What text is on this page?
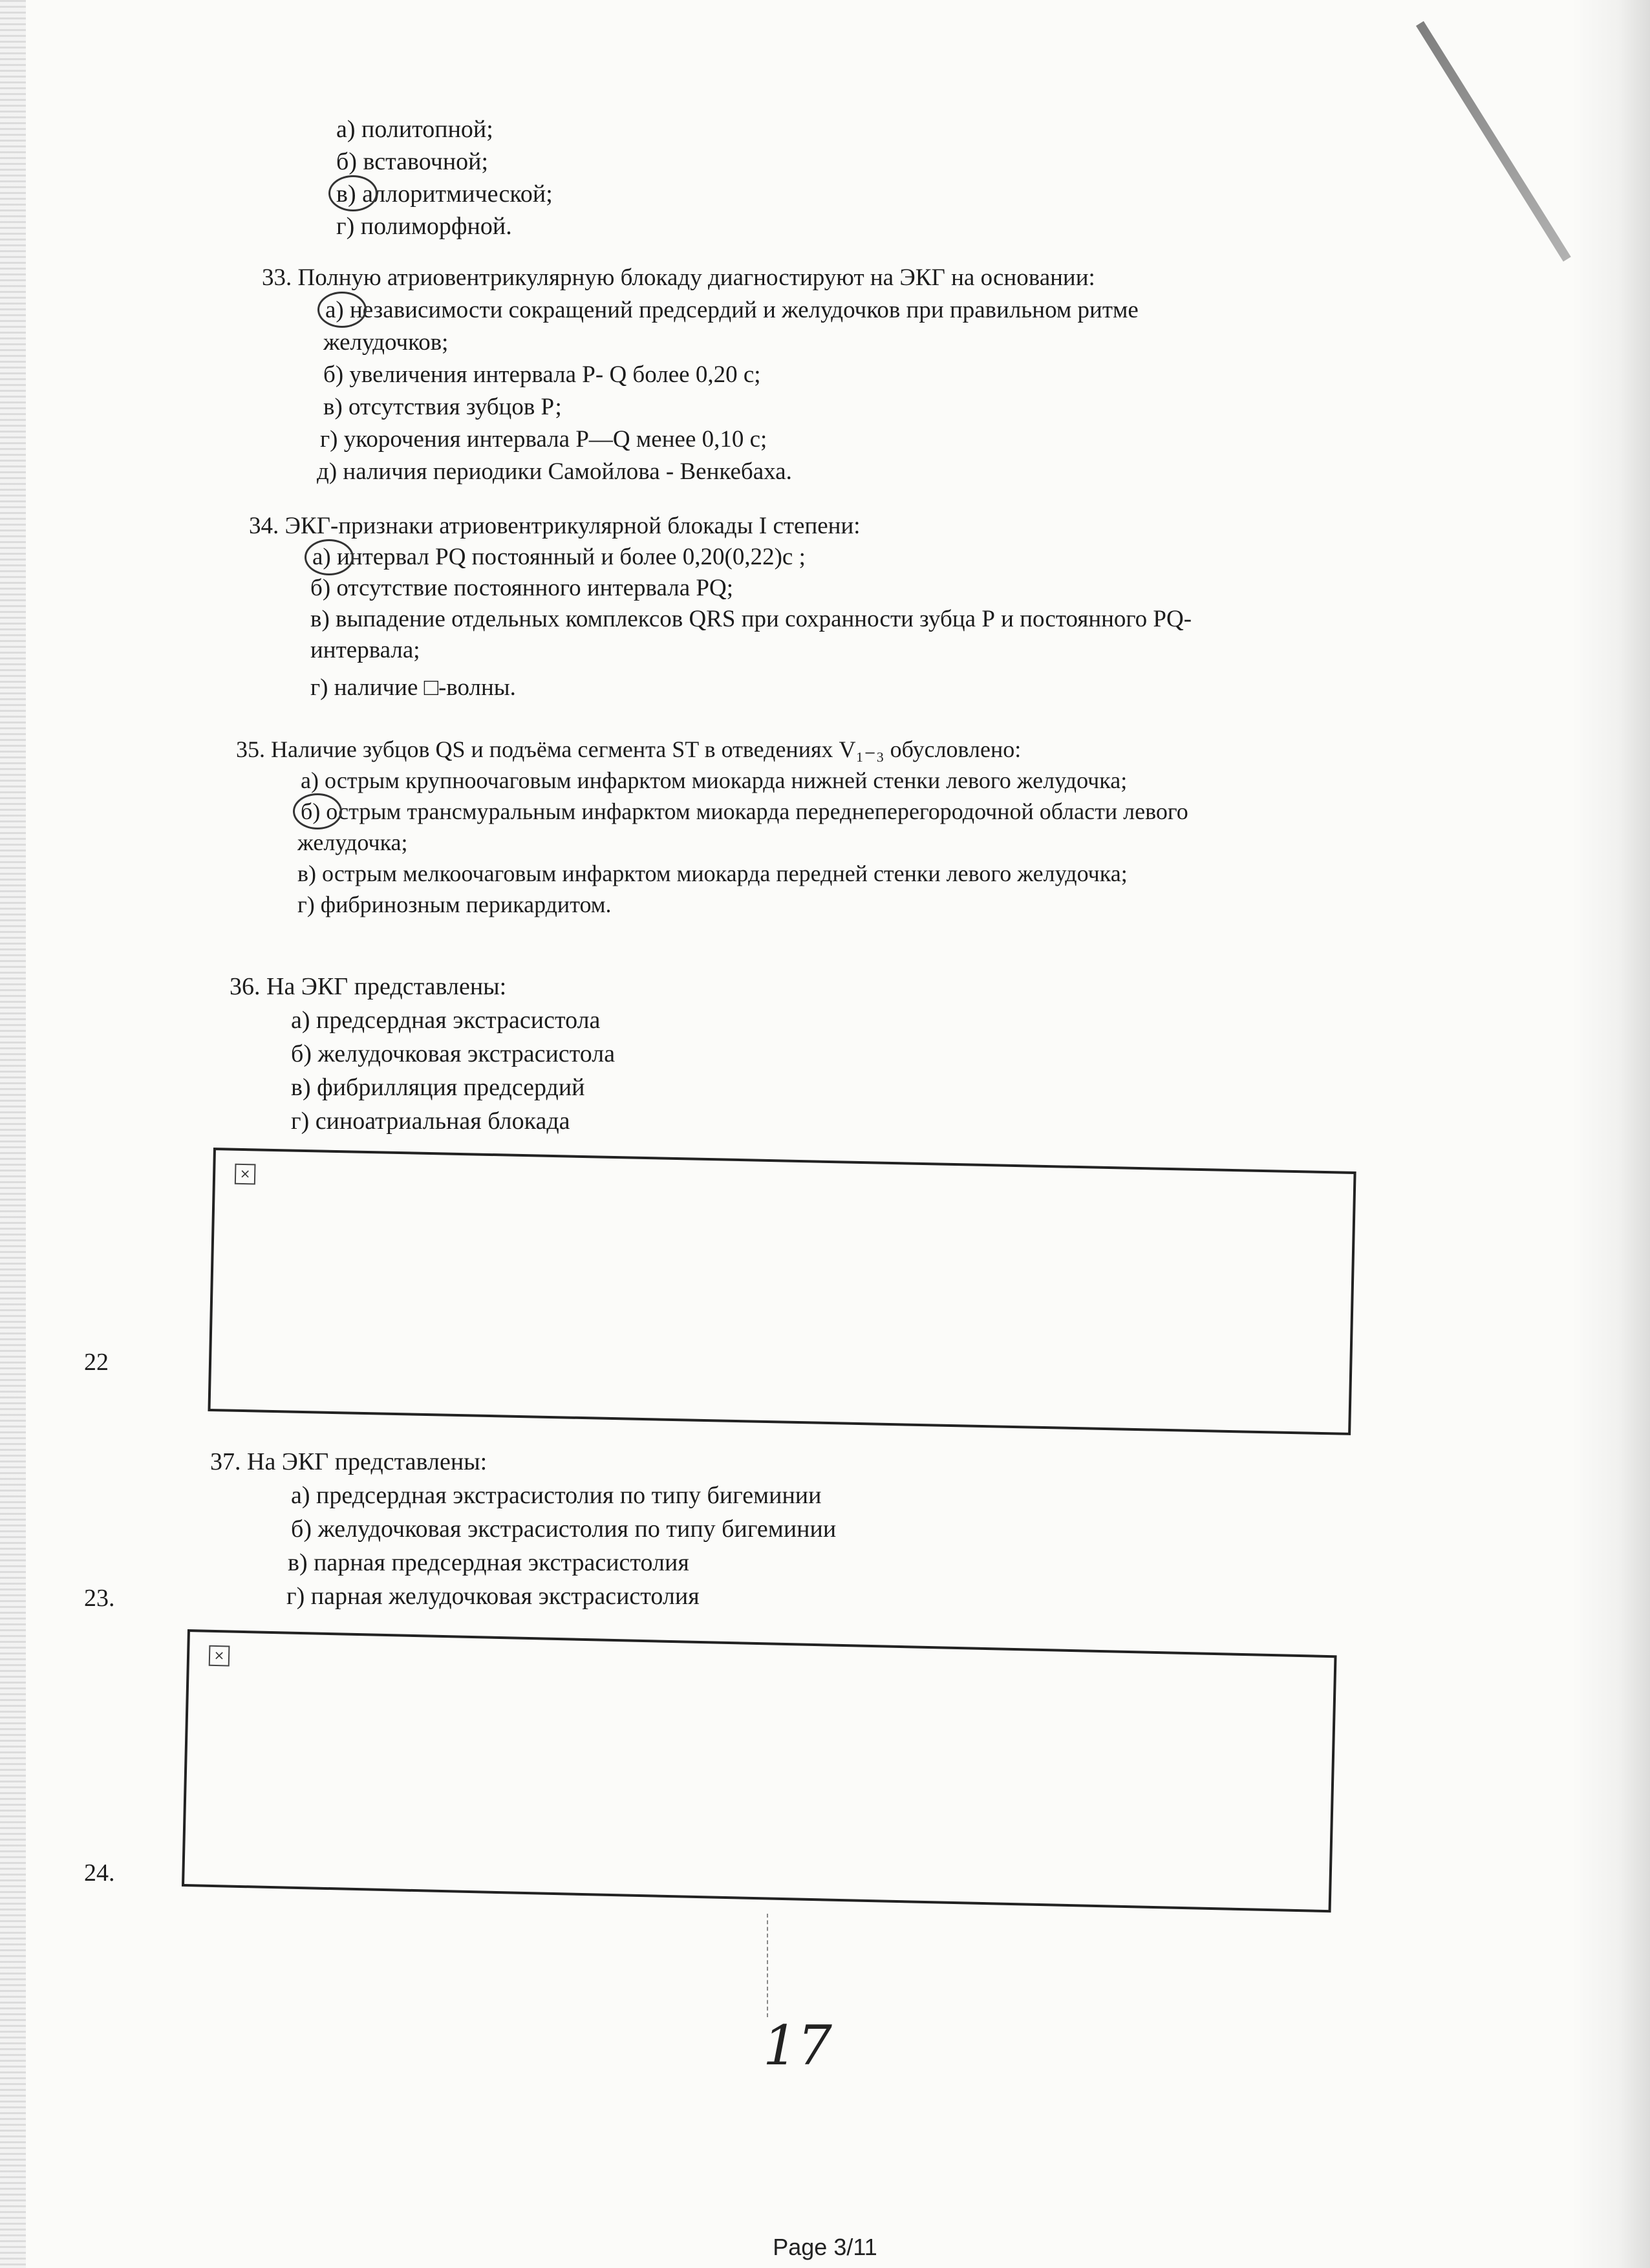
а) политопной;
б) вставочной;
в) аллоритмической;
г) полиморфной.
33. Полную атриовентрикулярную блокаду диагностируют на ЭКГ на основании:
а) независимости сокращений предсердий и желудочков при правильном ритме
желудочков;
б) увеличения интервала Р- Q более 0,20 с;
в) отсутствия зубцов Р;
г) укорочения интервала Р—Q менее 0,10 с;
д) наличия периодики Самойлова - Венкебаха.
34. ЭКГ-признаки атриовентрикулярной блокады I степени:
а) интервал PQ постоянный и более 0,20(0,22)с ;
б) отсутствие постоянного интервала PQ;
в) выпадение отдельных комплексов QRS при сохранности зубца Р и постоянного PQ-
интервала;
г) наличие □-волны.
35. Наличие зубцов QS и подъёма сегмента ST в отведениях V₁₋₃ обусловлено:
а) острым крупноочаговым инфарктом миокарда нижней стенки левого желудочка;
б) острым трансмуральным инфарктом миокарда переднеперегородочной области левого
желудочка;
в) острым мелкоочаговым инфарктом миокарда передней стенки левого желудочка;
г) фибринозным перикардитом.
36. На ЭКГ представлены:
а) предсердная экстрасистола
б) желудочковая экстрасистола
в) фибрилляция предсердий
г) синоатриальная блокада
×
22
37. На ЭКГ представлены:
а) предсердная экстрасистолия по типу бигеминии
б) желудочковая экстрасистолия по типу бигеминии
в) парная предсердная экстрасистолия
г) парная желудочковая экстрасистолия
23.
×
24.
17
Page 3/11
